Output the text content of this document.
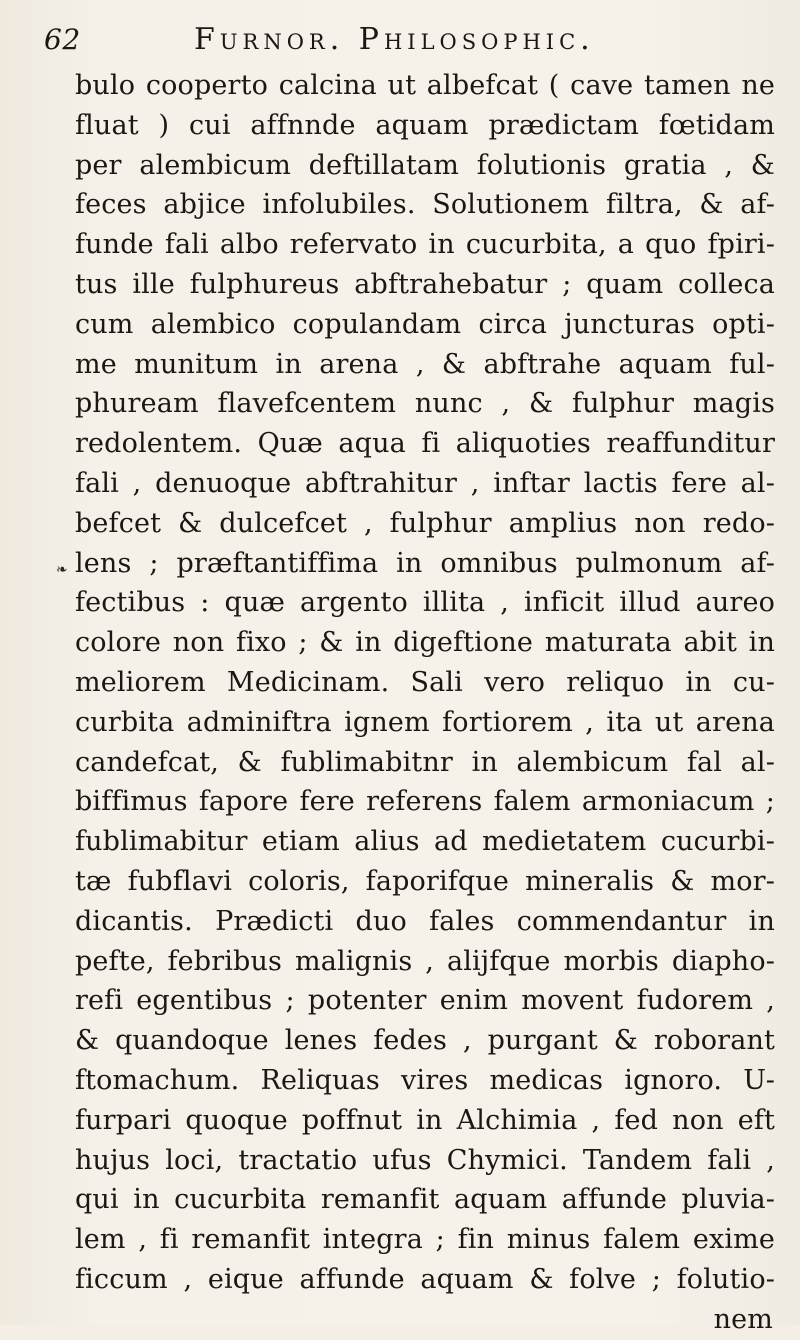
62	Furnor. Philosophic.
❧
bulo cooperto calcina ut albefcat ( cave tamen ne
fluat ) cui affnnde aquam prædictam fœtidam
per alembicum deftillatam folutionis gratia , &
feces abjice infolubiles. Solutionem filtra, & af-
funde fali albo refervato in cucurbita, a quo fpiri-
tus ille fulphureus abftrahebatur ; quam colleca
cum alembico copulandam circa juncturas opti-
me munitum in arena , & abftrahe aquam ful-
phuream flavefcentem nunc , & fulphur magis
redolentem. Quæ aqua fi aliquoties reaffunditur
fali , denuoque abftrahitur , inftar lactis fere al-
befcet & dulcefcet , fulphur amplius non redo-
lens ; præftantiffima in omnibus pulmonum af-
fectibus : quæ argento illita , inficit illud aureo
colore non fixo ; & in digeftione maturata abit in
meliorem Medicinam. Sali vero reliquo in cu-
curbita adminiftra ignem fortiorem , ita ut arena
candefcat, & fublimabitnr in alembicum fal al-
biffimus fapore fere referens falem armoniacum ;
fublimabitur etiam alius ad medietatem cucurbi-
tæ fubflavi coloris, faporifque mineralis & mor-
dicantis. Prædicti duo fales commendantur in
pefte, febribus malignis , alijfque morbis diapho-
refi egentibus ; potenter enim movent fudorem ,
& quandoque lenes fedes , purgant & roborant
ftomachum. Reliquas vires medicas ignoro. U-
furpari quoque poffnut in Alchimia , fed non eft
hujus loci, tractatio ufus Chymici. Tandem fali ,
qui in cucurbita remanfit aquam affunde pluvia-
lem , fi remanfit integra ; fin minus falem exime
ficcum , eique affunde aquam & folve ; folutio-
nem
